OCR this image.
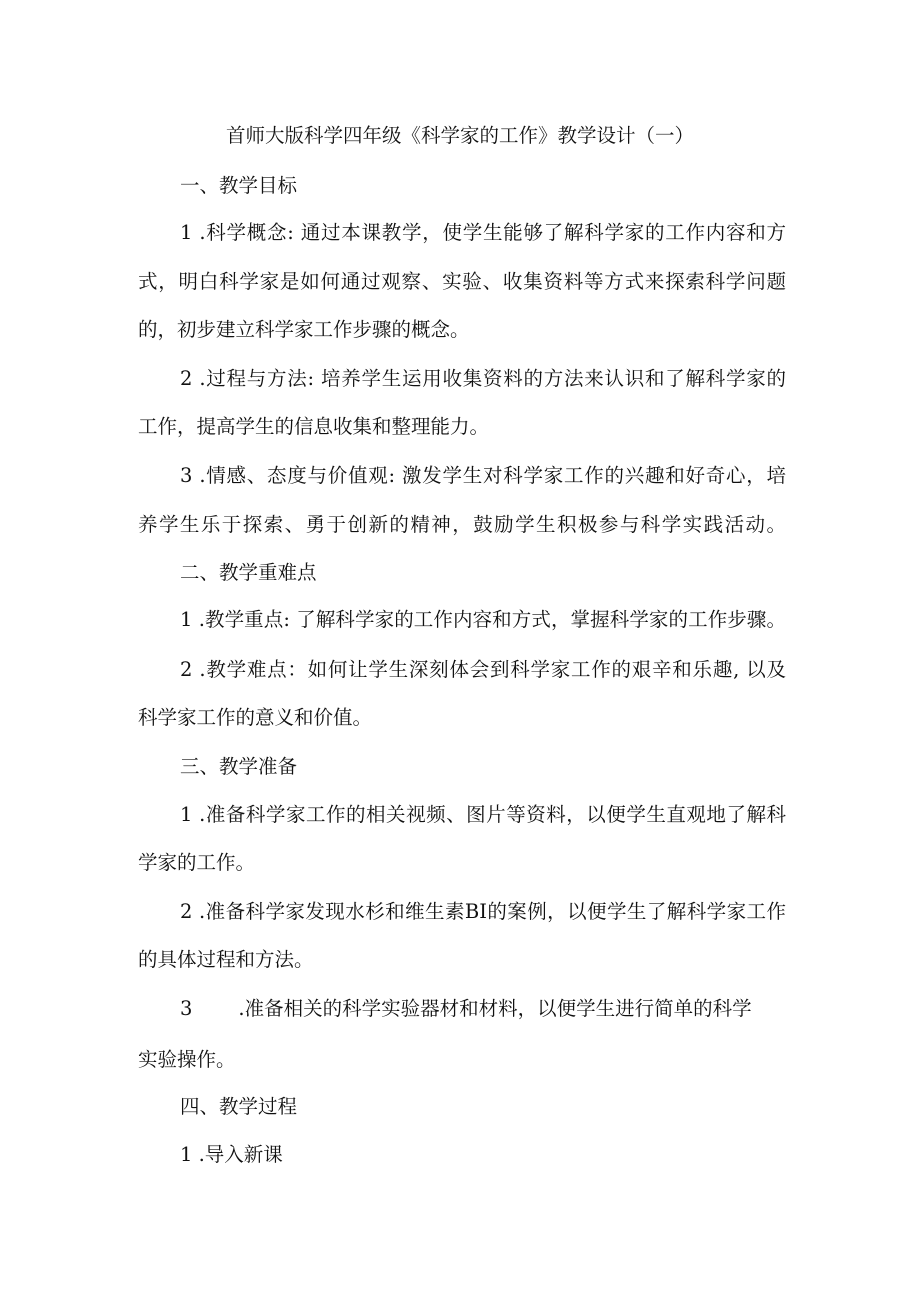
首师大版科学四年级《科学家的工作》教学设计（一）
一、教学目标
1 .科学概念: 通过本课教学，使学生能够了解科学家的工作内容和方
式，明白科学家是如何通过观察、实验、收集资料等方式来探索科学问题
的，初步建立科学家工作步骤的概念。
2 .过程与方法: 培养学生运用收集资料的方法来认识和了解科学家的
工作，提高学生的信息收集和整理能力。
3 .情感、态度与价值观: 激发学生对科学家工作的兴趣和好奇心，培
养学生乐于探索、勇于创新的精神，鼓励学生积极参与科学实践活动。
二、教学重难点
1 .教学重点: 了解科学家的工作内容和方式，掌握科学家的工作步骤。
2 .教学难点：如何让学生深刻体会到科学家工作的艰辛和乐趣, 以及
科学家工作的意义和价值。
三、教学准备
1 .准备科学家工作的相关视频、图片等资料，以便学生直观地了解科
学家的工作。
2 .准备科学家发现水杉和维生素BI的案例，以便学生了解科学家工作
的具体过程和方法。
3 .准备相关的科学实验器材和材料，以便学生进行简单的科学
实验操作。
四、教学过程
1 .导入新课
